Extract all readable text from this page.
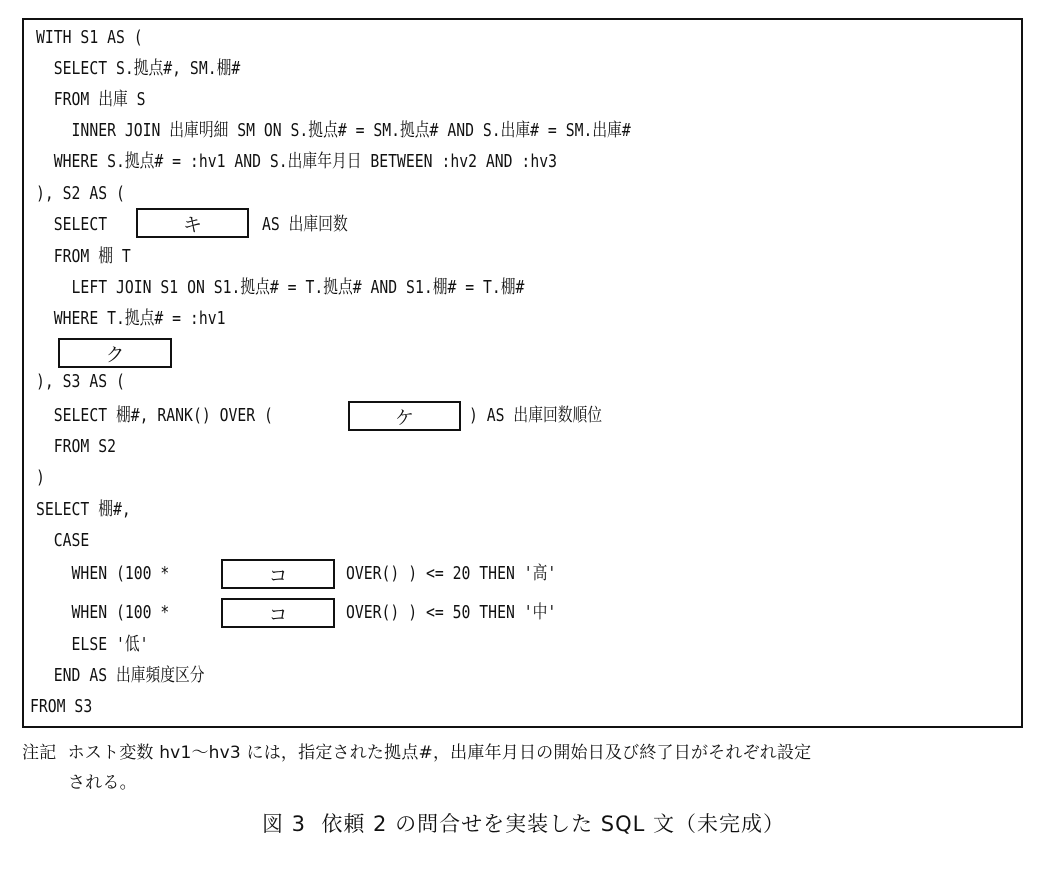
WITH S1 AS (
SELECT S.拠点#, SM.棚#
FROM 出庫 S
INNER JOIN 出庫明細 SM ON S.拠点# = SM.拠点# AND S.出庫# = SM.出庫#
WHERE S.拠点# = :hv1 AND S.出庫年月日 BETWEEN :hv2 AND :hv3
), S2 AS (
SELECT	キ	AS 出庫回数
FROM 棚 T
LEFT JOIN S1 ON S1.拠点# = T.拠点# AND S1.棚# = T.棚#
WHERE T.拠点# = :hv1
ク
), S3 AS (
SELECT 棚#, RANK() OVER (	ケ	) AS 出庫回数順位
FROM S2
)
SELECT 棚#,
CASE
WHEN (100 *	コ	OVER() ) <= 20 THEN '高'
WHEN (100 *	コ	OVER() ) <= 50 THEN '中'
ELSE '低'
END AS 出庫頻度区分
FROM S3
注記  ホスト変数 hv1～hv3 には，指定された拠点#，出庫年月日の開始日及び終了日がそれぞれ設定
される。
図 3  依頼 2 の問合せを実装した SQL 文（未完成）
